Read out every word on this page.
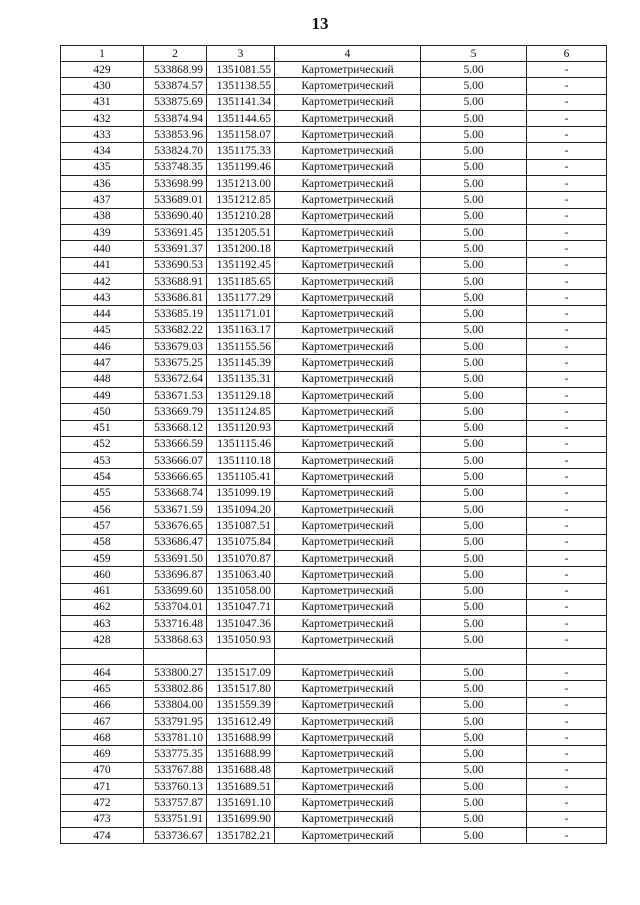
13
1	2	3	4	5	6
429	533868.99	1351081.55	Картометрический	5.00	-
430	533874.57	1351138.55	Картометрический	5.00	-
431	533875.69	1351141.34	Картометрический	5.00	-
432	533874.94	1351144.65	Картометрический	5.00	-
433	533853.96	1351158.07	Картометрический	5.00	-
434	533824.70	1351175.33	Картометрический	5.00	-
435	533748.35	1351199.46	Картометрический	5.00	-
436	533698.99	1351213.00	Картометрический	5.00	-
437	533689.01	1351212.85	Картометрический	5.00	-
438	533690.40	1351210.28	Картометрический	5.00	-
439	533691.45	1351205.51	Картометрический	5.00	-
440	533691.37	1351200.18	Картометрический	5.00	-
441	533690.53	1351192.45	Картометрический	5.00	-
442	533688.91	1351185.65	Картометрический	5.00	-
443	533686.81	1351177.29	Картометрический	5.00	-
444	533685.19	1351171.01	Картометрический	5.00	-
445	533682.22	1351163.17	Картометрический	5.00	-
446	533679.03	1351155.56	Картометрический	5.00	-
447	533675.25	1351145.39	Картометрический	5.00	-
448	533672.64	1351135.31	Картометрический	5.00	-
449	533671.53	1351129.18	Картометрический	5.00	-
450	533669.79	1351124.85	Картометрический	5.00	-
451	533668.12	1351120.93	Картометрический	5.00	-
452	533666.59	1351115.46	Картометрический	5.00	-
453	533666.07	1351110.18	Картометрический	5.00	-
454	533666.65	1351105.41	Картометрический	5.00	-
455	533668.74	1351099.19	Картометрический	5.00	-
456	533671.59	1351094.20	Картометрический	5.00	-
457	533676.65	1351087.51	Картометрический	5.00	-
458	533686.47	1351075.84	Картометрический	5.00	-
459	533691.50	1351070.87	Картометрический	5.00	-
460	533696.87	1351063.40	Картометрический	5.00	-
461	533699.60	1351058.00	Картометрический	5.00	-
462	533704.01	1351047.71	Картометрический	5.00	-
463	533716.48	1351047.36	Картометрический	5.00	-
428	533868.63	1351050.93	Картометрический	5.00	-

464	533800.27	1351517.09	Картометрический	5.00	-
465	533802.86	1351517.80	Картометрический	5.00	-
466	533804.00	1351559.39	Картометрический	5.00	-
467	533791.95	1351612.49	Картометрический	5.00	-
468	533781.10	1351688.99	Картометрический	5.00	-
469	533775.35	1351688.99	Картометрический	5.00	-
470	533767.88	1351688.48	Картометрический	5.00	-
471	533760.13	1351689.51	Картометрический	5.00	-
472	533757.87	1351691.10	Картометрический	5.00	-
473	533751.91	1351699.90	Картометрический	5.00	-
474	533736.67	1351782.21	Картометрический	5.00	-
